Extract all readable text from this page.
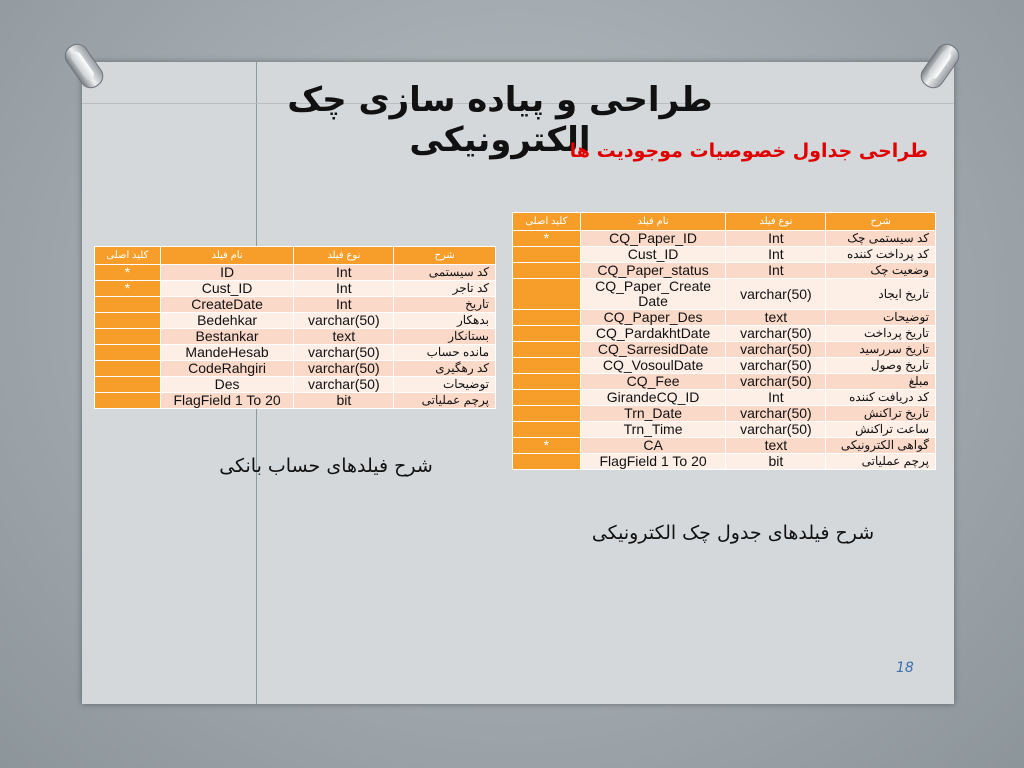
طراحی و پیاده سازی چک الکترونیکی
طراحی جداول خصوصیات موجودیت ها
کلید اصلی	نام فیلد	نوع فیلد	شرح
*	ID	Int	کد سیستمی
*	Cust_ID	Int	کد تاجر
	CreateDate	Int	تاریخ
	Bedehkar	varchar(50)	بدهکار
	Bestankar	text	بستانکار
	MandeHesab	varchar(50)	مانده حساب
	CodeRahgiri	varchar(50)	کد رهگیری
	Des	varchar(50)	توضیحات
	FlagField 1 To 20	bit	پرچم عملیاتی
شرح فیلدهای حساب بانکی
کلید اصلی	نام فیلد	نوع فیلد	شرح
*	CQ_Paper_ID	Int	کد سیستمی چک
	Cust_ID	Int	کد پرداخت کننده
	CQ_Paper_status	Int	وضعیت چک
	CQ_Paper_Create Date	varchar(50)	تاریخ ایجاد
	CQ_Paper_Des	text	توضیحات
	CQ_PardakhtDate	varchar(50)	تاریخ پرداخت
	CQ_SarresidDate	varchar(50)	تاریخ سررسید
	CQ_VosoulDate	varchar(50)	تاریخ وصول
	CQ_Fee	varchar(50)	مبلغ
	GirandeCQ_ID	Int	کد دریافت کننده
	Trn_Date	varchar(50)	تاریخ تراکنش
	Trn_Time	varchar(50)	ساعت تراکنش
*	CA	text	گواهی الکترونیکی
	FlagField 1 To 20	bit	پرچم عملیاتی
شرح فیلدهای جدول چک الکترونیکی
18
